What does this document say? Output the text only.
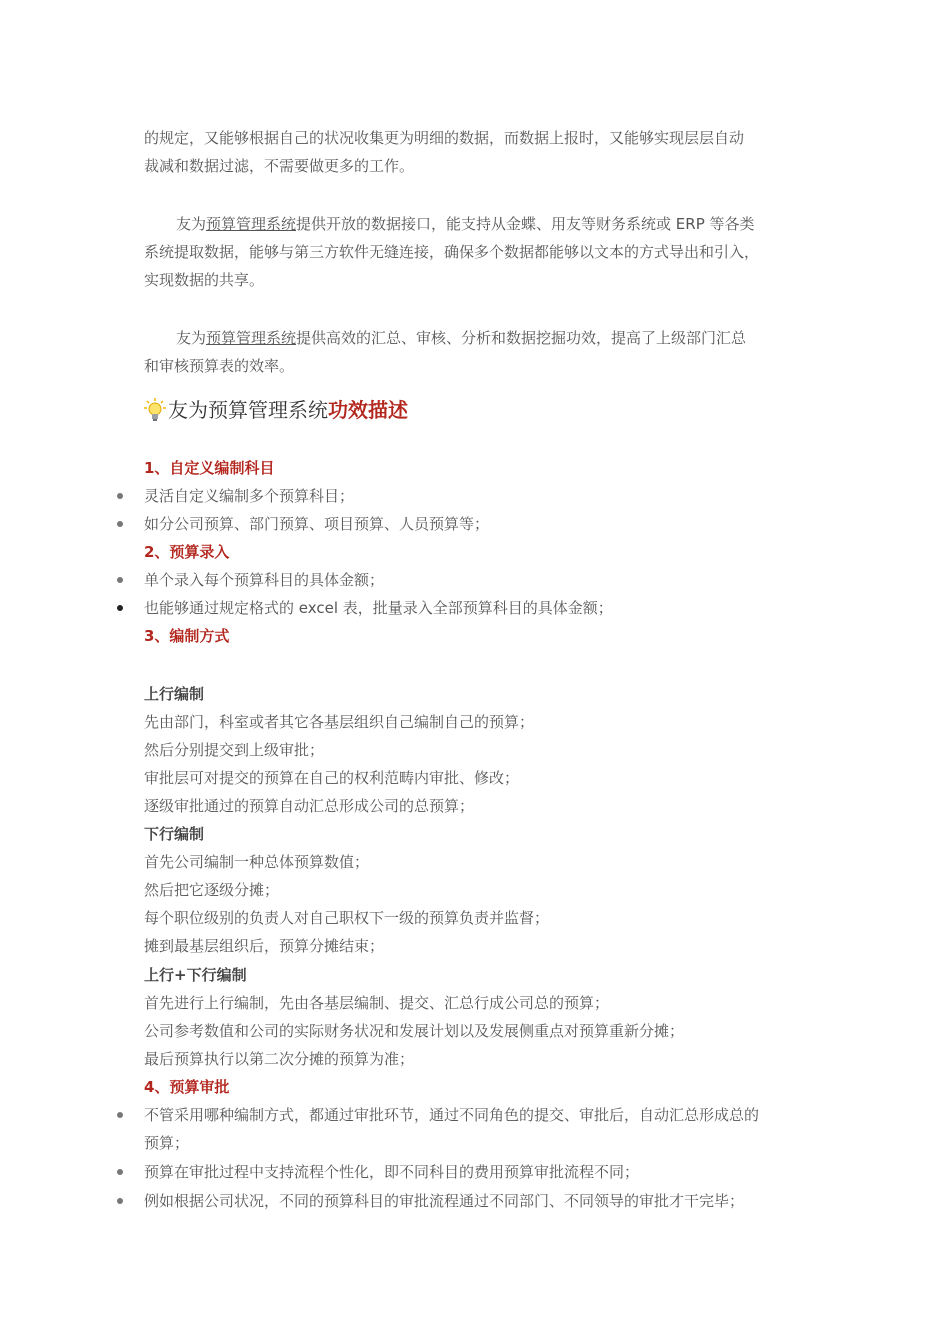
的规定，又能够根据自己的状况收集更为明细的数据，而数据上报时，又能够实现层层自动
裁减和数据过滤，不需要做更多的工作。
友为预算管理系统提供开放的数据接口，能支持从金蝶、用友等财务系统或 ERP 等各类
系统提取数据，能够与第三方软件无缝连接，确保多个数据都能够以文本的方式导出和引入，
实现数据的共享。
友为预算管理系统提供高效的汇总、审核、分析和数据挖掘功效，提高了上级部门汇总
和审核预算表的效率。
友为预算管理系统功效描述
1、自定义编制科目
灵活自定义编制多个预算科目；
如分公司预算、部门预算、项目预算、人员预算等；
2、预算录入
单个录入每个预算科目的具体金额；
也能够通过规定格式的 excel 表，批量录入全部预算科目的具体金额；
3、编制方式
上行编制
先由部门，科室或者其它各基层组织自己编制自己的预算；
然后分别提交到上级审批；
审批层可对提交的预算在自己的权利范畴内审批、修改；
逐级审批通过的预算自动汇总形成公司的总预算；
下行编制
首先公司编制一种总体预算数值；
然后把它逐级分摊；
每个职位级别的负责人对自己职权下一级的预算负责并监督；
摊到最基层组织后，预算分摊结束；
上行+下行编制
首先进行上行编制，先由各基层编制、提交、汇总行成公司总的预算；
公司参考数值和公司的实际财务状况和发展计划以及发展侧重点对预算重新分摊；
最后预算执行以第二次分摊的预算为准；
4、预算审批
不管采用哪种编制方式，都通过审批环节，通过不同角色的提交、审批后，自动汇总形成总的
预算；
预算在审批过程中支持流程个性化，即不同科目的费用预算审批流程不同；
例如根据公司状况，不同的预算科目的审批流程通过不同部门、不同领导的审批才干完毕；
